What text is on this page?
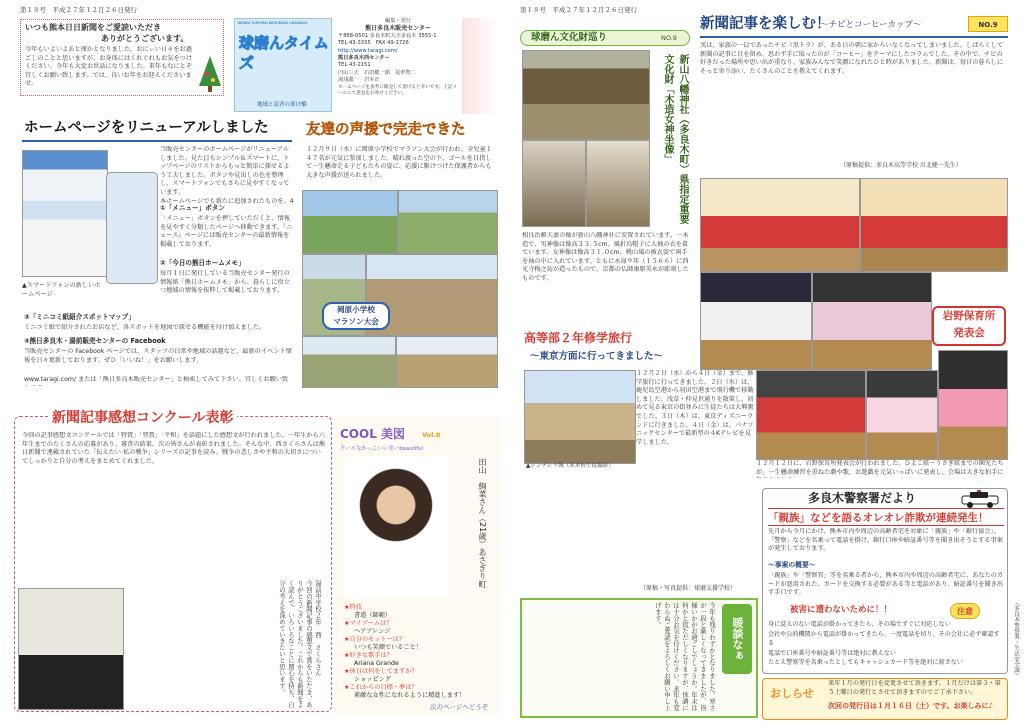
第１８号　平成２７年１２月２６日発行
いつも熊本日日新聞をご愛読いただき
ありがとうございます。
今年もいよいよあと僅かとなりました。おにぃい日々をお過ごしのことと思いますが、お身体にはくれぐれもお気をつけください。今年も大変お世話になりました。来年もなにとぞ宜しくお願い致します。では、良いお年をお迎えくださいませ。
TARAGI YUMORAI NEZUKAMI OHANAGU
球磨んタイムズ
地域と読者の架け橋
編集・発行
熊日多良木販売センター
〒868-0501 多良木町大字多良木 3555-1
TEL 43-3335　FAX 49-1726
http://www.taragi.com/
熊日多良木西センター
TEL 43-2151
円山三夫　石田健一郎　尾形智二
湯浅義一　岩本正
ホームページを参考に販売して頂けると幸いです。上記メールにて意見をお寄せください。
ホームページをリニューアルしました
▲スマートフォンの新しいホームページ
当販売センターのホームページがリニューアルしました。見た目もシンプル＆スマートに、トップページのリストからもっと簡単に探せるよう工夫しました。ボタンや見出しの色を整理し、スマートフォンでもさらに見やすくなっています。
本ホームページでも新たに追加されたものを、4
①「メニュー」ボタン
「メニュー」ボタンを押していただくと、情報を見やすく分類したページへ移動できます。『ニュース』ページには販売センターの最新情報を掲載しております。
②「今日の熊日ホームメモ」
毎月１日に発行している当販売センター発行の情報紙「熊日ホームメモ」から、暮らしに役立つ地域の情報を抜粋して掲載しております。
③「ミニコミ紙紹介スポットマップ」
ミニコミ紙で紹介されたお店など、各スポットを地図で探せる機能を付け加えました。
④熊日多良木・湯前販売センターの Facebook
当販売センターの Facebook ページでは、スタッフの日常や地域の話題など、最新のイベント情報を日々更新しております。ぜひ「いいね！」をお願いします。
www.taragi.com/ または「熊日多良木販売センター」と検索してみて下さい。宜しくお願い致
友達の声援で完走できた
１２月９日（水）に岡原小学校でマラソン大会が行われ、全児童１４７名が元気に参加しました。晴れ渡った空の下、ゴールを目指して一生懸命走る子どもたちの姿に、応援に駆けつけた保護者からも大きな声援が送られました。
岡原小学校
マラソン大会
新聞記事感想コンクール表彰
今回の記事感想文コンクールでは「特賞」「努賞」「平和」を話題にした感想文が行われました。一年生から六年生までのたくさんの応募があり、審査の結果、次の皆さんが表彰されました。そんな中、西さくらさんは熊日新聞で連載されていた「伝えたい 私の戦争」シリーズの記事を読み、戦争の悲しさや平和の大切さについてしっかりと自分の考えをまとめてくれました。
湯前中学校２年　西　さくらさん
今回の新聞記事の感想文で賞をいただき、ありがとうございました。これからも新聞をよく読んで、いろいろなことに関心を持ち、自分の考えを深めていきたいと思います。
COOL 美図	Vol.8
クールなかっこいい美ーbeautiful
田山　絢菜さん（21歳）あさぎり町
★特技
書道（師範）
★マイブームは？
ヘアアレンジ
★自分のモットーは？
いつも笑顔でいること！
★好きな歌手は？
Ariana Grande
★休日は何をしてますか？
ショッピング
★これからの目標・夢は？
素敵な女性になれるように精進します！
次のページへどうぞ
第１８号　平成２７年１２月２６日発行
球磨ん文化財巡り	NO.9
新山八幡神社（多良木町）県指定重要文化財「木造女神坐像」
相良治頼夫妻の像が新山八幡神社に安置されています。一木造で、男神像は像高３３.５cm、風折烏帽子に大袖の衣を着ています。女神像は像高３１.０cm、桃山風の被衣姿で両手を袖の中に入れています。ともに永禄９年（１５６６）に西光寺梅之坊が造ったもので、京都の仏師康原英永が彫刻したものです。
新聞記事を楽しむ！
〜チビとコーヒーカップ〜	NO.9
実は、家族の一員であったチビ（黒トラ）が、ある日の朝に家からいなくなってしまいました。しばらくして新聞の記事に目を留め、思わず手に取ったのが「コーヒー」をテーマにしたコラムでした。その中で、チビの好きだった場所や思い出が重なり、家族みんなで笑顔になれたひと時がありました。新聞は、毎日の暮らしにそっと寄り添い、たくさんのことを教えてくれます。
（原稿提供：多良木高等学校 川北健一先生）
岩野保育所
発表会
１２月１２日に、岩野保育所発表会が行われました。ひよこ組〜うさぎ組までの園児たちが、一生懸命練習を重ねた劇や歌、お遊戯を元気いっぱいに発表し、会場は大きな拍手に
高等部２年修学旅行
〜東京方面に行ってきました〜
▲シンデレラ城（米本校生徒撮影）
１２月２日（水）から４日（金）まで、修学旅行に行ってきました。２日（水）は、鹿児島空港から羽田空港まで飛行機で移動しました。浅草・仲見世通りを散策し、初めて見る東京の街並みに生徒たちは大興奮でした。３日（木）は、東京ディズニーランドに行きました。４日（金）は、パナソニックセンターで最新型の４Kテレビを見学しました。
（原稿・写真提供：球磨支援学校）
今年も残りわずかとなりました。寒さが一段と厳しくなってきましたが、皆様いかがお過ごしでしょうか。年末は何かと慌ただしくなりますが、体調には十分お気を付けください。来年も変わらぬご愛読をよろしくお願い申し上げます。
暖談なぁ
多良木警察署だより
「親族」などを語るオレオレ詐欺が連続発生！
先月から今月にかけ、熊本市内や周辺の高齢者宅を対象に「親族」や「銀行協会」、「警察」などを名乗って電話を掛け、銀行口座や暗証番号等を聞き出そうとする事案が発生しております。
〜事案の概要〜
「親族」や「警察官」等を名乗る者から、熊本市内や周辺の高齢者宅に、あなたのカードが悪用された、カードを交換する必要がある等と電話があり、暗証番号を聞き出す手口です。
被害に遭わないために！！	注意
身に覚えのない電話が掛かってきたら、その場ですぐに対応しない
会社や公的機関から電話が掛かってきたら、一度電話を切り、その会社に必ず確認する
電話で口座番号や暗証番号等は絶対に教えない
たとえ警察等を名乗ったとしてもキャッシュカード等を絶対に渡さない	（多良木警察署・生活安全課）
おしらせ
来年１月の発行日を変更させて頂きます。１月だけは第３・第５土曜日の発行とさせて頂きますのでご了承下さい。
次回の発行日は１月１６日（土）です。お楽しみに♪
